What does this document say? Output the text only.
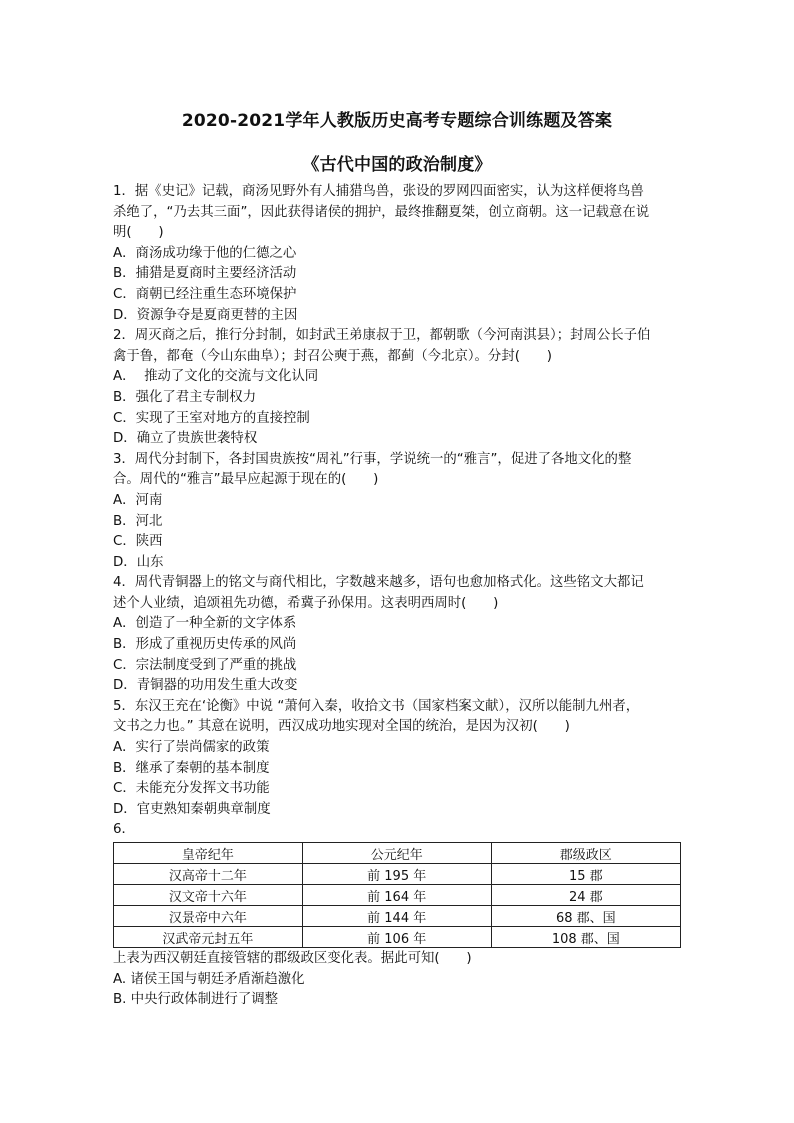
2020-2021学年人教版历史高考专题综合训练题及答案
《古代中国的政治制度》
1．据《史记》记载，商汤见野外有人捕猎鸟兽，张设的罗网四面密实，认为这样便将鸟兽
杀绝了，“乃去其三面”，因此获得诸侯的拥护，最终推翻夏桀，创立商朝。这一记载意在说
明(　　)
A．商汤成功缘于他的仁德之心
B．捕猎是夏商时主要经济活动
C．商朝已经注重生态环境保护
D．资源争夺是夏商更替的主因
2．周灭商之后，推行分封制，如封武王弟康叔于卫，都朝歌（今河南淇县）；封周公长子伯
禽于鲁，都奄（今山东曲阜）；封召公奭于燕，都蓟（今北京）。分封(　　)
A．  推动了文化的交流与文化认同
B．强化了君主专制权力
C．实现了王室对地方的直接控制
D．确立了贵族世袭特权
3．周代分封制下，各封国贵族按“周礼”行事，学说统一的“雅言”，促进了各地文化的整
合。周代的“雅言”最早应起源于现在的(　　)
A．河南
B．河北
C．陕西
D．山东
4．周代青铜器上的铭文与商代相比，字数越来越多，语句也愈加格式化。这些铭文大都记
述个人业绩，追颂祖先功德，希冀子孙保用。这表明西周时(　　)
A．创造了一种全新的文字体系
B．形成了重视历史传承的风尚
C．宗法制度受到了严重的挑战
D．青铜器的功用发生重大改变
5．东汉王充在‘论衡》中说 “萧何入秦，收拾文书（国家档案文献），汉所以能制九州者，
文书之力也。” 其意在说明，西汉成功地实现对全国的统治，是因为汉初(　　)
A．实行了崇尚儒家的政策
B．继承了秦朝的基本制度
C．未能充分发挥文书功能
D．官吏熟知秦朝典章制度
6．
皇帝纪年	公元纪年	郡级政区
汉高帝十二年	前 195 年	15 郡
汉文帝十六年	前 164 年	24 郡
汉景帝中六年	前 144 年	68 郡、国
汉武帝元封五年	前 106 年	108 郡、国
上表为西汉朝廷直接管辖的郡级政区变化表。据此可知(　　)
A. 诸侯王国与朝廷矛盾渐趋激化
B. 中央行政体制进行了调整
